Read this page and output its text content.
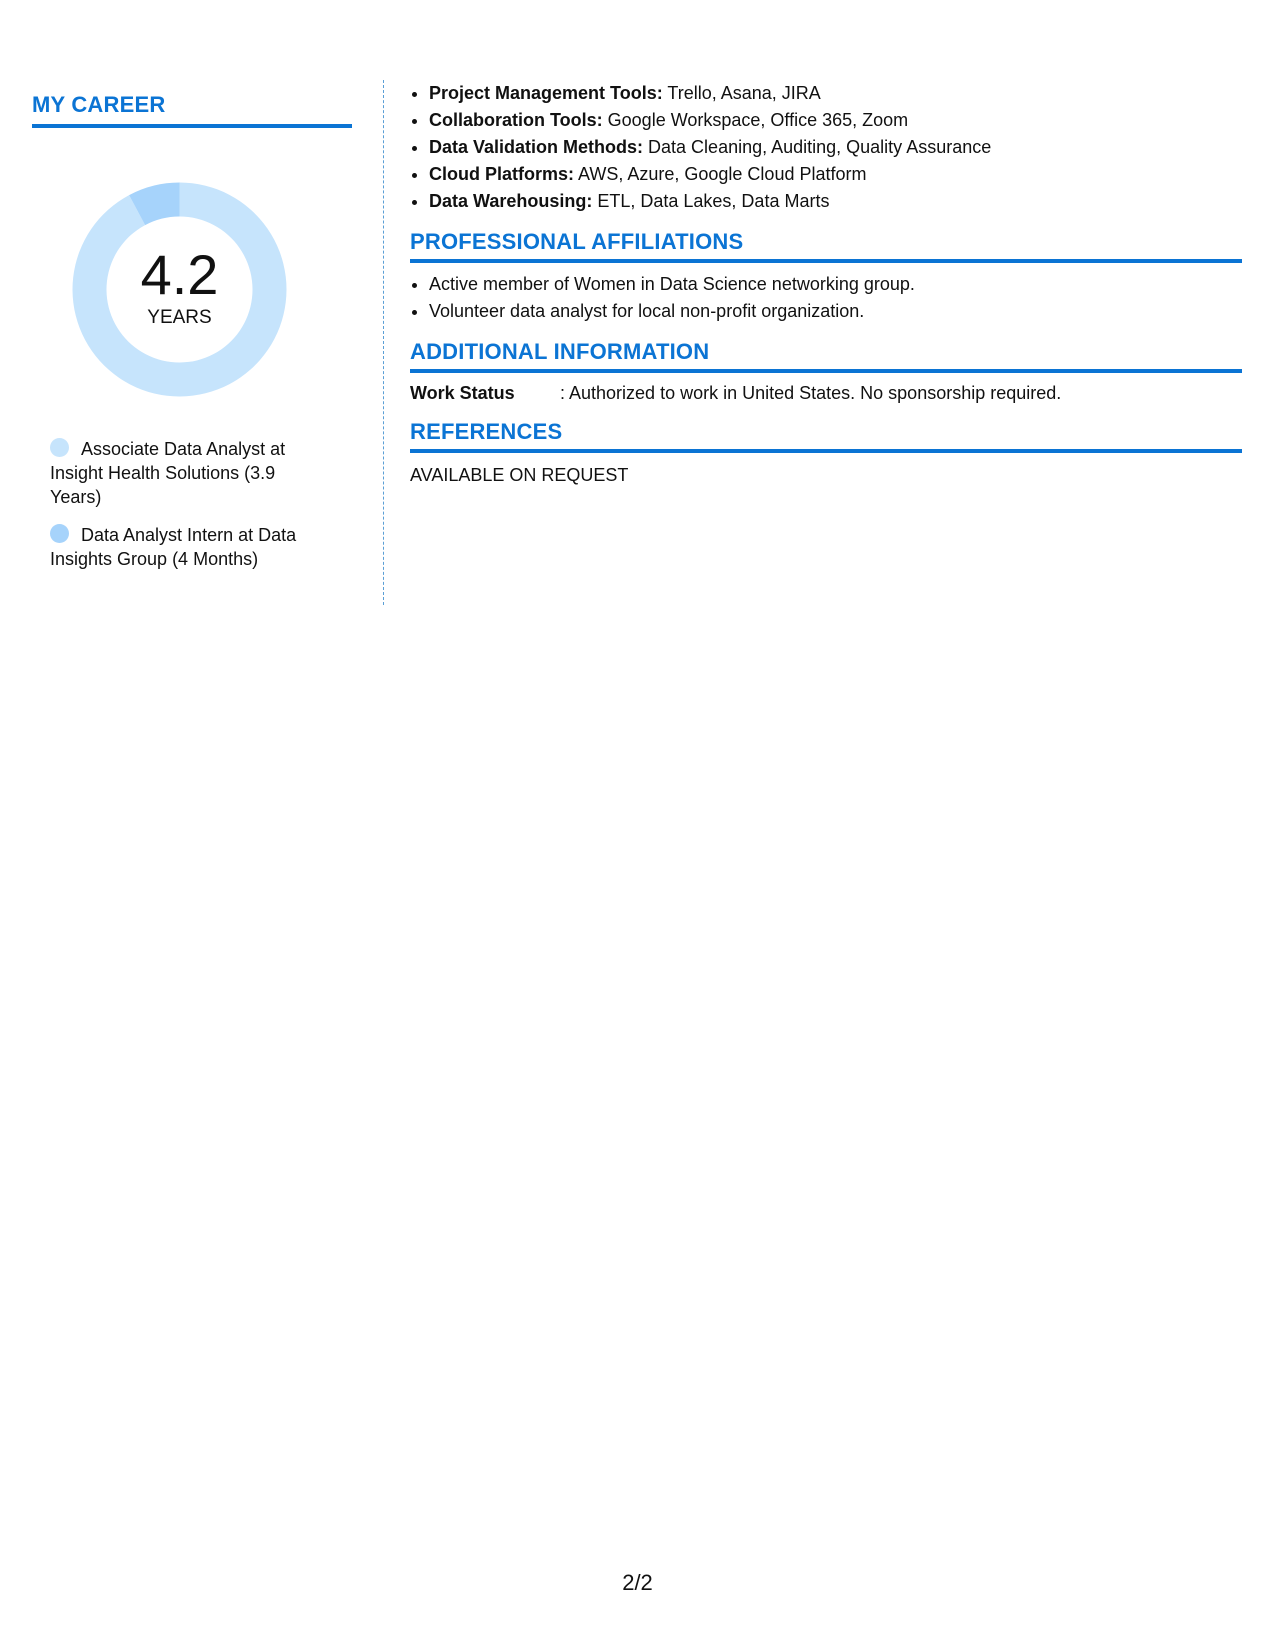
MY CAREER
4.2
YEARS
Associate Data Analyst at Insight Health Solutions (3.9 Years)
Data Analyst Intern at Data Insights Group (4 Months)
• Project Management Tools: Trello, Asana, JIRA
• Collaboration Tools: Google Workspace, Office 365, Zoom
• Data Validation Methods: Data Cleaning, Auditing, Quality Assurance
• Cloud Platforms: AWS, Azure, Google Cloud Platform
• Data Warehousing: ETL, Data Lakes, Data Marts
PROFESSIONAL AFFILIATIONS
• Active member of Women in Data Science networking group.
• Volunteer data analyst for local non-profit organization.
ADDITIONAL INFORMATION
Work Status	: Authorized to work in United States. No sponsorship required.
REFERENCES
AVAILABLE ON REQUEST
2/2
